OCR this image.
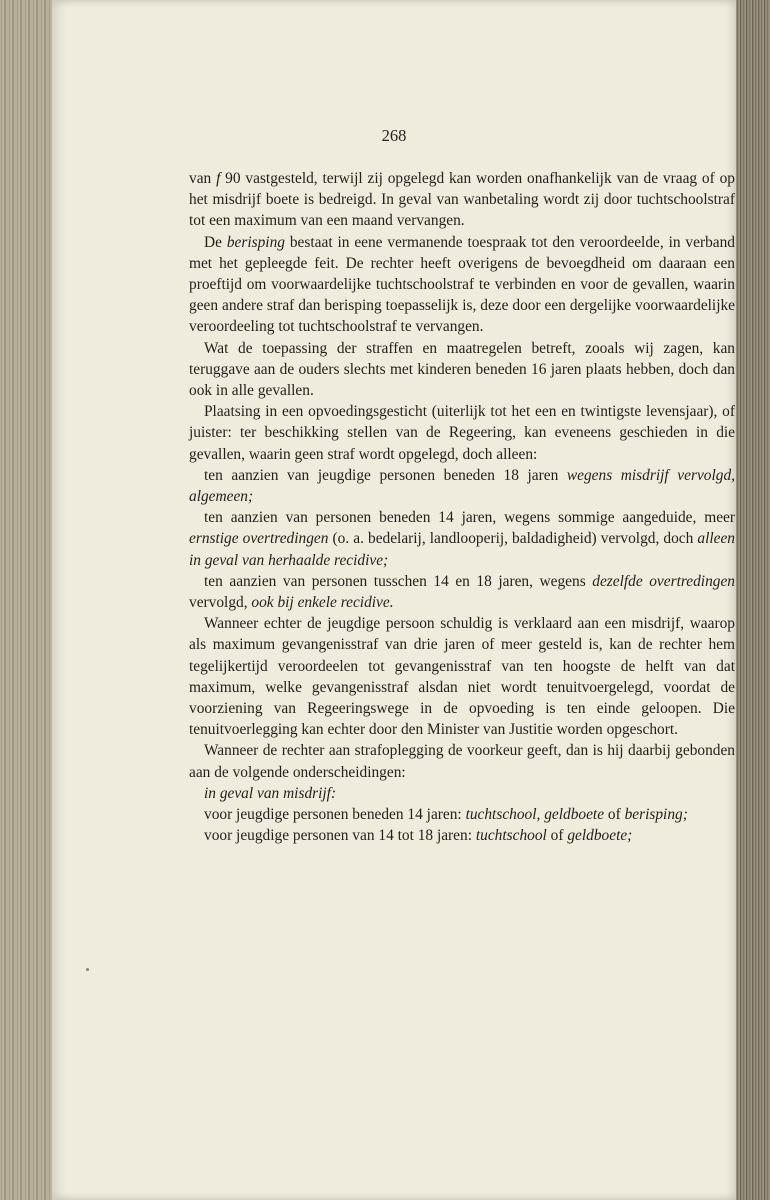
268

van f 90 vastgesteld, terwijl zij opgelegd kan worden onafhankelijk van de vraag of op het misdrijf boete is bedreigd. In geval van wanbetaling wordt zij door tuchtschoolstraf tot een maximum van een maand vervangen.

De berisping bestaat in eene vermanende toespraak tot den veroordeelde, in verband met het gepleegde feit. De rechter heeft overigens de bevoegdheid om daaraan een proeftijd om voorwaardelijke tuchtschoolstraf te verbinden en voor de gevallen, waarin geen andere straf dan berisping toepasselijk is, deze door een dergelijke voorwaardelijke veroordeeling tot tuchtschoolstraf te vervangen.

Wat de toepassing der straffen en maatregelen betreft, zooals wij zagen, kan teruggave aan de ouders slechts met kinderen beneden 16 jaren plaats hebben, doch dan ook in alle gevallen.

Plaatsing in een opvoedingsgesticht (uiterlijk tot het een en twintigste levensjaar), of juister: ter beschikking stellen van de Regeering, kan eveneens geschieden in die gevallen, waarin geen straf wordt opgelegd, doch alleen:

ten aanzien van jeugdige personen beneden 18 jaren wegens misdrijf vervolgd, algemeen;

ten aanzien van personen beneden 14 jaren, wegens sommige aangeduide, meer ernstige overtredingen (o. a. bedelarij, landlooperij, baldadigheid) vervolgd, doch alleen in geval van herhaalde recidive;

ten aanzien van personen tusschen 14 en 18 jaren, wegens dezelfde overtredingen vervolgd, ook bij enkele recidive.

Wanneer echter de jeugdige persoon schuldig is verklaard aan een misdrijf, waarop als maximum gevangenisstraf van drie jaren of meer gesteld is, kan de rechter hem tegelijkertijd veroordeelen tot gevangenisstraf van ten hoogste de helft van dat maximum, welke gevangenisstraf alsdan niet wordt tenuitvoergelegd, voordat de voorziening van Regeeringswege in de opvoeding is ten einde geloopen. Die tenuitvoerlegging kan echter door den Minister van Justitie worden opgeschort.

Wanneer de rechter aan strafoplegging de voorkeur geeft, dan is hij daarbij gebonden aan de volgende onderscheidingen:

in geval van misdrijf:

voor jeugdige personen beneden 14 jaren: tuchtschool, geldboete of berisping;

voor jeugdige personen van 14 tot 18 jaren: tuchtschool of geldboete;
